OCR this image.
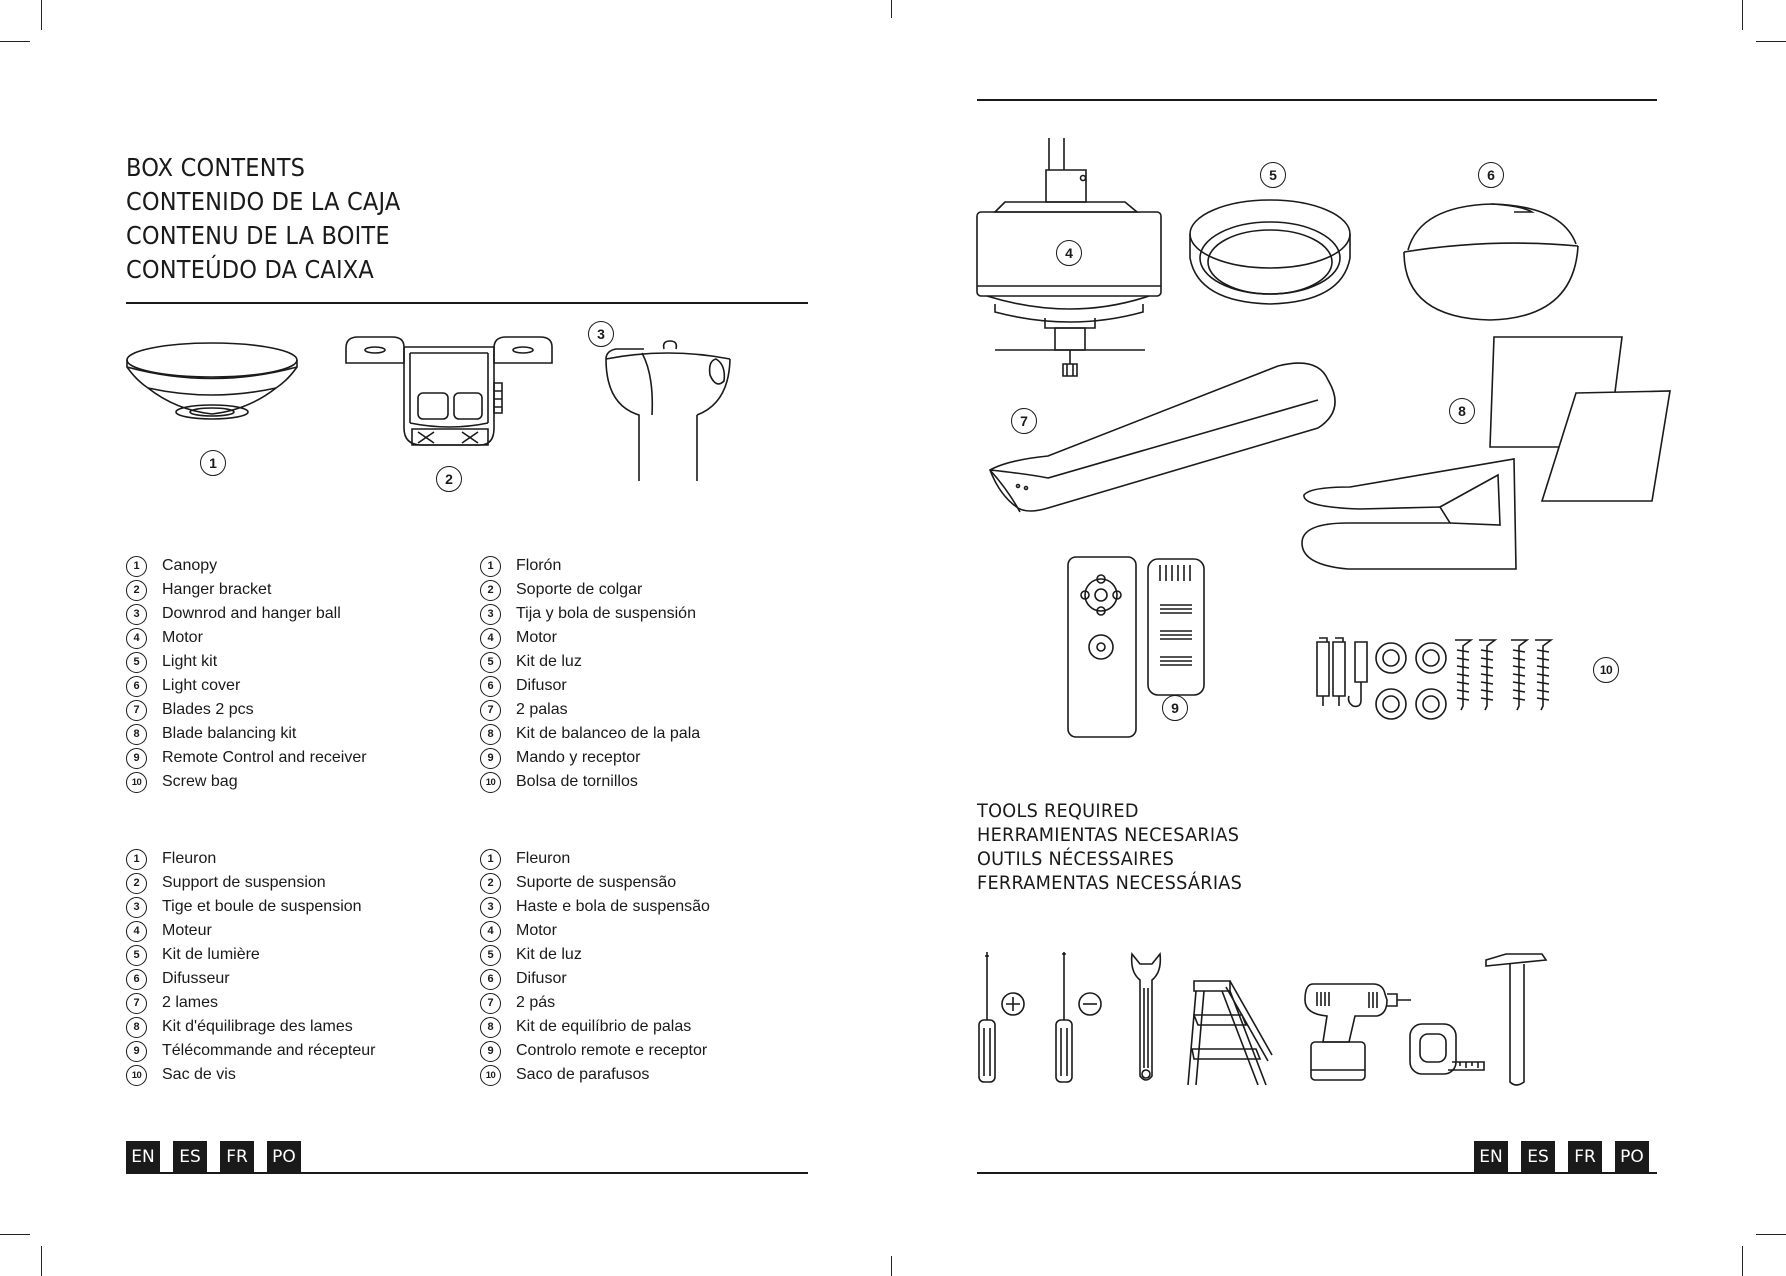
BOX CONTENTS
CONTENIDO DE LA CAJA
CONTENU DE LA BOITE
CONTEÚDO DA CAIXA
1
2
3
1	Canopy
2	Hanger bracket
3	Downrod and hanger ball
4	Motor
5	Light kit
6	Light cover
7	Blades 2 pcs
8	Blade balancing kit
9	Remote Control and receiver
10	Screw bag
1	Florón
2	Soporte de colgar
3	Tija y bola de suspensión
4	Motor
5	Kit de luz
6	Difusor
7	2 palas
8	Kit de balanceo de la pala
9	Mando y receptor
10	Bolsa de tornillos
1	Fleuron
2	Support de suspension
3	Tige et boule de suspension
4	Moteur
5	Kit de lumière
6	Difusseur
7	2 lames
8	Kit d'équilibrage des lames
9	Télécommande and récepteur
10	Sac de vis
1	Fleuron
2	Suporte de suspensão
3	Haste e bola de suspensão
4	Motor
5	Kit de luz
6	Difusor
7	2 pás
8	Kit de equilíbrio de palas
9	Controlo remote e receptor
10	Saco de parafusos
EN	ES	FR	PO
4
5	6
7
8
9
10
TOOLS REQUIRED
HERRAMIENTAS NECESARIAS
OUTILS NÉCESSAIRES
FERRAMENTAS NECESSÁRIAS
EN	ES	FR	PO
